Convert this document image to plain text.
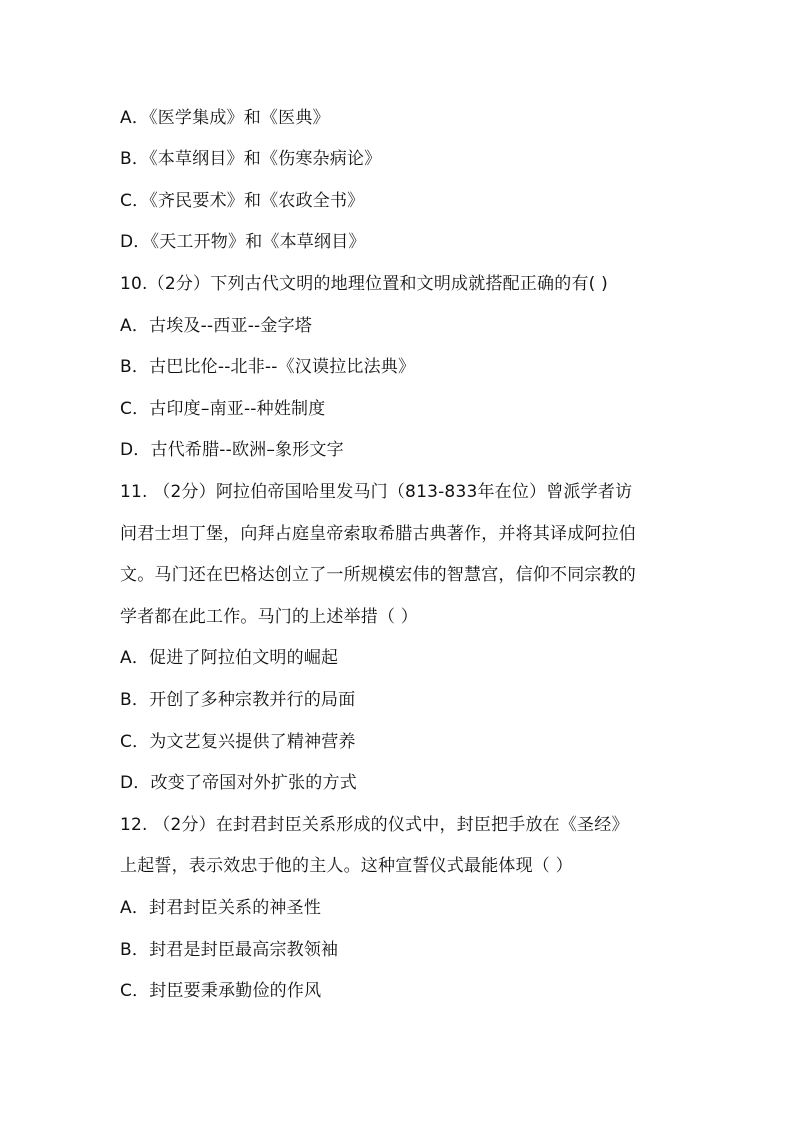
A．《医学集成》和《医典》
B．《本草纲目》和《伤寒杂病论》
C．《齐民要术》和《农政全书》
D．《天工开物》和《本草纲目》
10.（2分）下列古代文明的地理位置和文明成就搭配正确的有( )
A．古埃及--西亚--金字塔
B．古巴比伦--北非--《汉谟拉比法典》
C．古印度–南亚--种姓制度
D．古代希腊--欧洲–象形文字
11. （2分）阿拉伯帝国哈里发马门（813-833年在位）曾派学者访
问君士坦丁堡，向拜占庭皇帝索取希腊古典著作，并将其译成阿拉伯
文。马门还在巴格达创立了一所规模宏伟的智慧宫，信仰不同宗教的
学者都在此工作。马门的上述举措（ ）
A．促进了阿拉伯文明的崛起
B．开创了多种宗教并行的局面
C．为文艺复兴提供了精神营养
D．改变了帝国对外扩张的方式
12. （2分）在封君封臣关系形成的仪式中，封臣把手放在《圣经》
上起誓，表示效忠于他的主人。这种宣誓仪式最能体现（ ）
A．封君封臣关系的神圣性
B．封君是封臣最高宗教领袖
C．封臣要秉承勤俭的作风
